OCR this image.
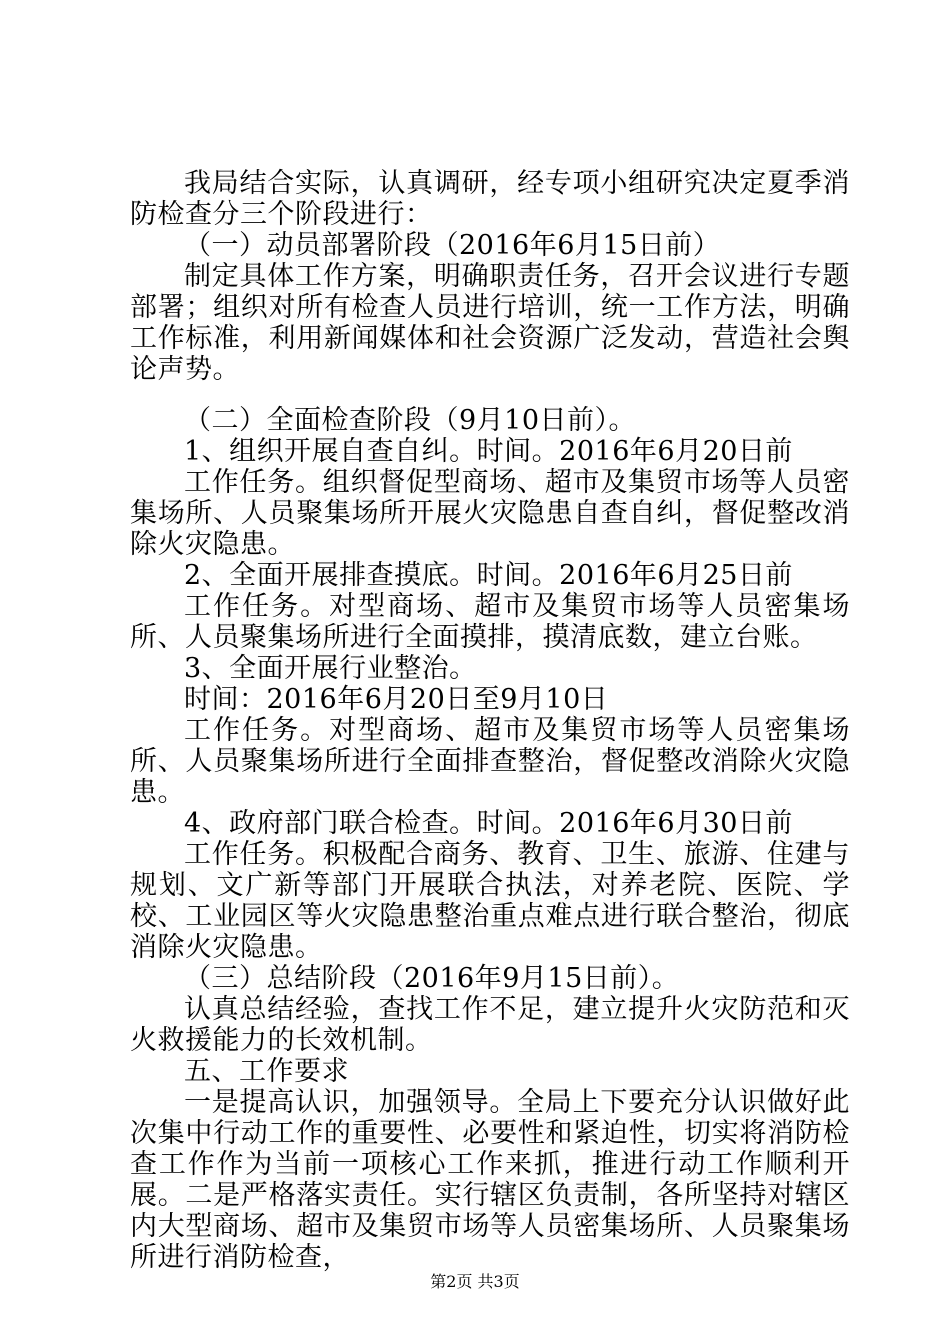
我局结合实际，认真调研，经专项小组研究决定夏季消防检查分三个阶段进行：

（一）动员部署阶段（2016年6月15日前）

制定具体工作方案，明确职责任务，召开会议进行专题部署；组织对所有检查人员进行培训，统一工作方法，明确工作标准，利用新闻媒体和社会资源广泛发动，营造社会舆论声势。

（二）全面检查阶段（9月10日前）。

1、组织开展自查自纠。时间。2016年6月20日前

工作任务。组织督促型商场、超市及集贸市场等人员密集场所、人员聚集场所开展火灾隐患自查自纠，督促整改消除火灾隐患。

2、全面开展排查摸底。时间。2016年6月25日前

工作任务。对型商场、超市及集贸市场等人员密集场所、人员聚集场所进行全面摸排，摸清底数，建立台账。

3、全面开展行业整治。

时间：2016年6月20日至9月10日

工作任务。对型商场、超市及集贸市场等人员密集场所、人员聚集场所进行全面排查整治，督促整改消除火灾隐患。

4、政府部门联合检查。时间。2016年6月30日前

工作任务。积极配合商务、教育、卫生、旅游、住建与规划、文广新等部门开展联合执法，对养老院、医院、学校、工业园区等火灾隐患整治重点难点进行联合整治，彻底消除火灾隐患。

（三）总结阶段（2016年9月15日前）。

认真总结经验，查找工作不足，建立提升火灾防范和灭火救援能力的长效机制。

五、工作要求

一是提高认识，加强领导。全局上下要充分认识做好此次集中行动工作的重要性、必要性和紧迫性，切实将消防检查工作作为当前一项核心工作来抓，推进行动工作顺利开展。二是严格落实责任。实行辖区负责制，各所坚持对辖区内大型商场、超市及集贸市场等人员密集场所、人员聚集场所进行消防检查，

第2页 共3页
